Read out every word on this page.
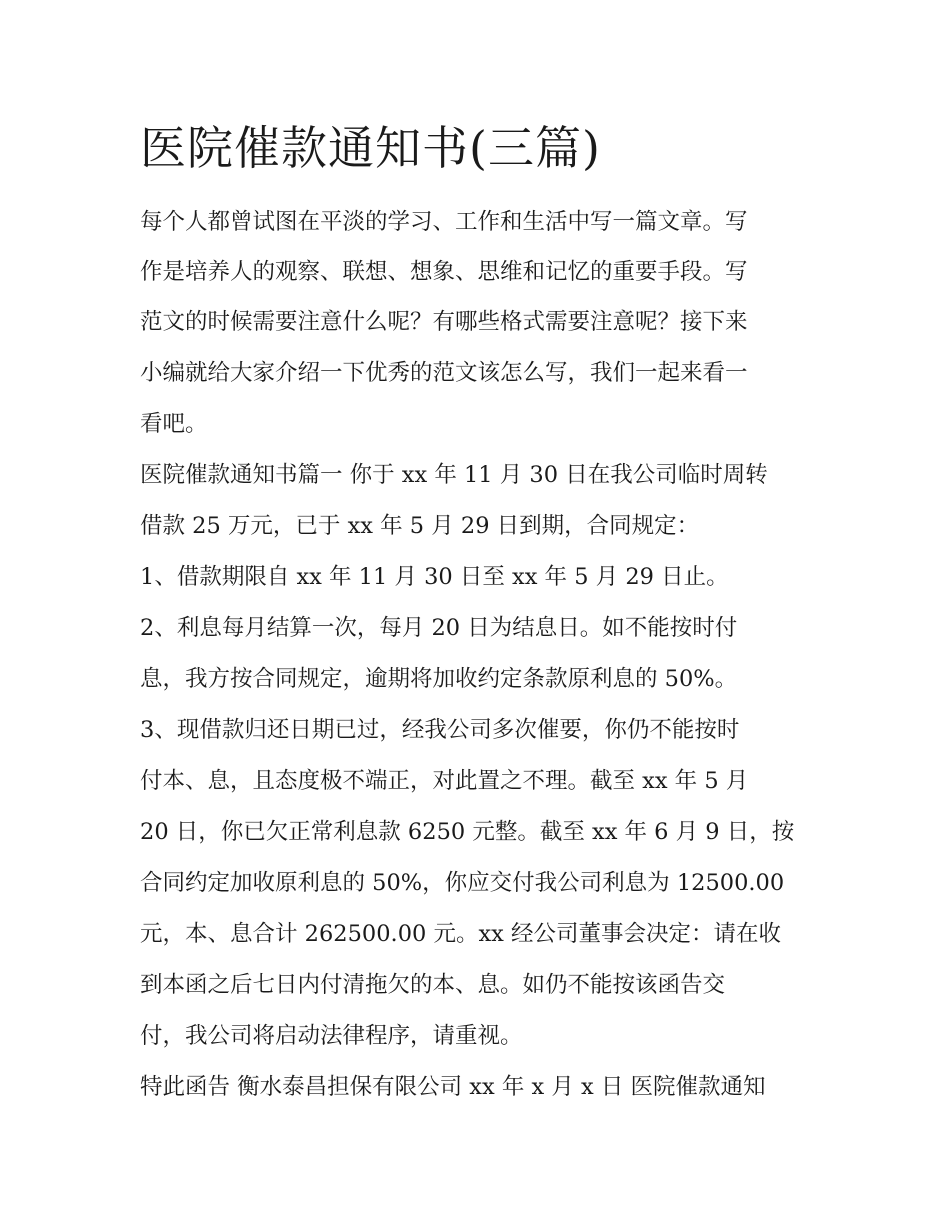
医院催款通知书(三篇)

每个人都曾试图在平淡的学习、工作和生活中写一篇文章。写

作是培养人的观察、联想、想象、思维和记忆的重要手段。写

范文的时候需要注意什么呢？有哪些格式需要注意呢？接下来

小编就给大家介绍一下优秀的范文该怎么写，我们一起来看一

看吧。

医院催款通知书篇一 你于 xx 年 11 月 30 日在我公司临时周转

借款 25 万元，已于 xx 年 5 月 29 日到期，合同规定：

1、借款期限自 xx 年 11 月 30 日至 xx 年 5 月 29 日止。

2、利息每月结算一次，每月 20 日为结息日。如不能按时付

息，我方按合同规定，逾期将加收约定条款原利息的 50%。

3、现借款归还日期已过，经我公司多次催要，你仍不能按时

付本、息，且态度极不端正，对此置之不理。截至 xx 年 5 月

20 日，你已欠正常利息款 6250 元整。截至 xx 年 6 月 9 日，按

合同约定加收原利息的 50%，你应交付我公司利息为 12500.00

元，本、息合计 262500.00 元。xx 经公司董事会决定：请在收

到本函之后七日内付清拖欠的本、息。如仍不能按该函告交

付，我公司将启动法律程序，请重视。

特此函告 衡水泰昌担保有限公司 xx 年 x 月 x 日 医院催款通知
